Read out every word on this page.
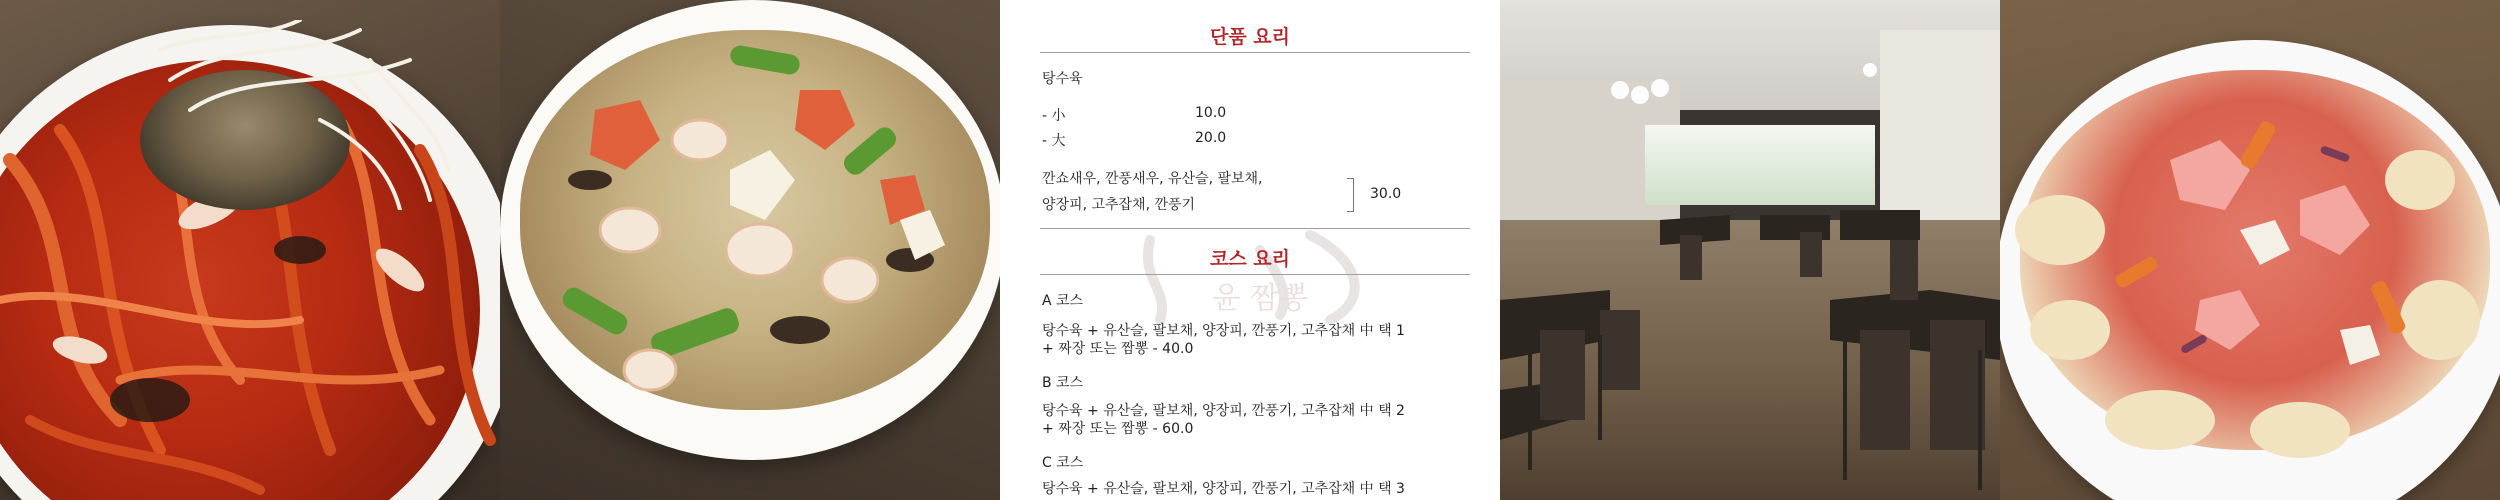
단품 요리
탕수육
- 小	10.0
- 大	20.0
깐쇼새우, 깐풍새우, 유산슬, 팔보채,
양장피, 고추잡채, 깐풍기
30.0
윤 짬뽕
코스 요리
A 코스
탕수육 + 유산슬, 팔보채, 양장피, 깐풍기, 고추잡채 中 택 1
+ 짜장 또는 짬뽕 - 40.0
B 코스
탕수육 + 유산슬, 팔보채, 양장피, 깐풍기, 고추잡채 中 택 2
+ 짜장 또는 짬뽕 - 60.0
C 코스
탕수육 + 유산슬, 팔보채, 양장피, 깐풍기, 고추잡채 中 택 3
